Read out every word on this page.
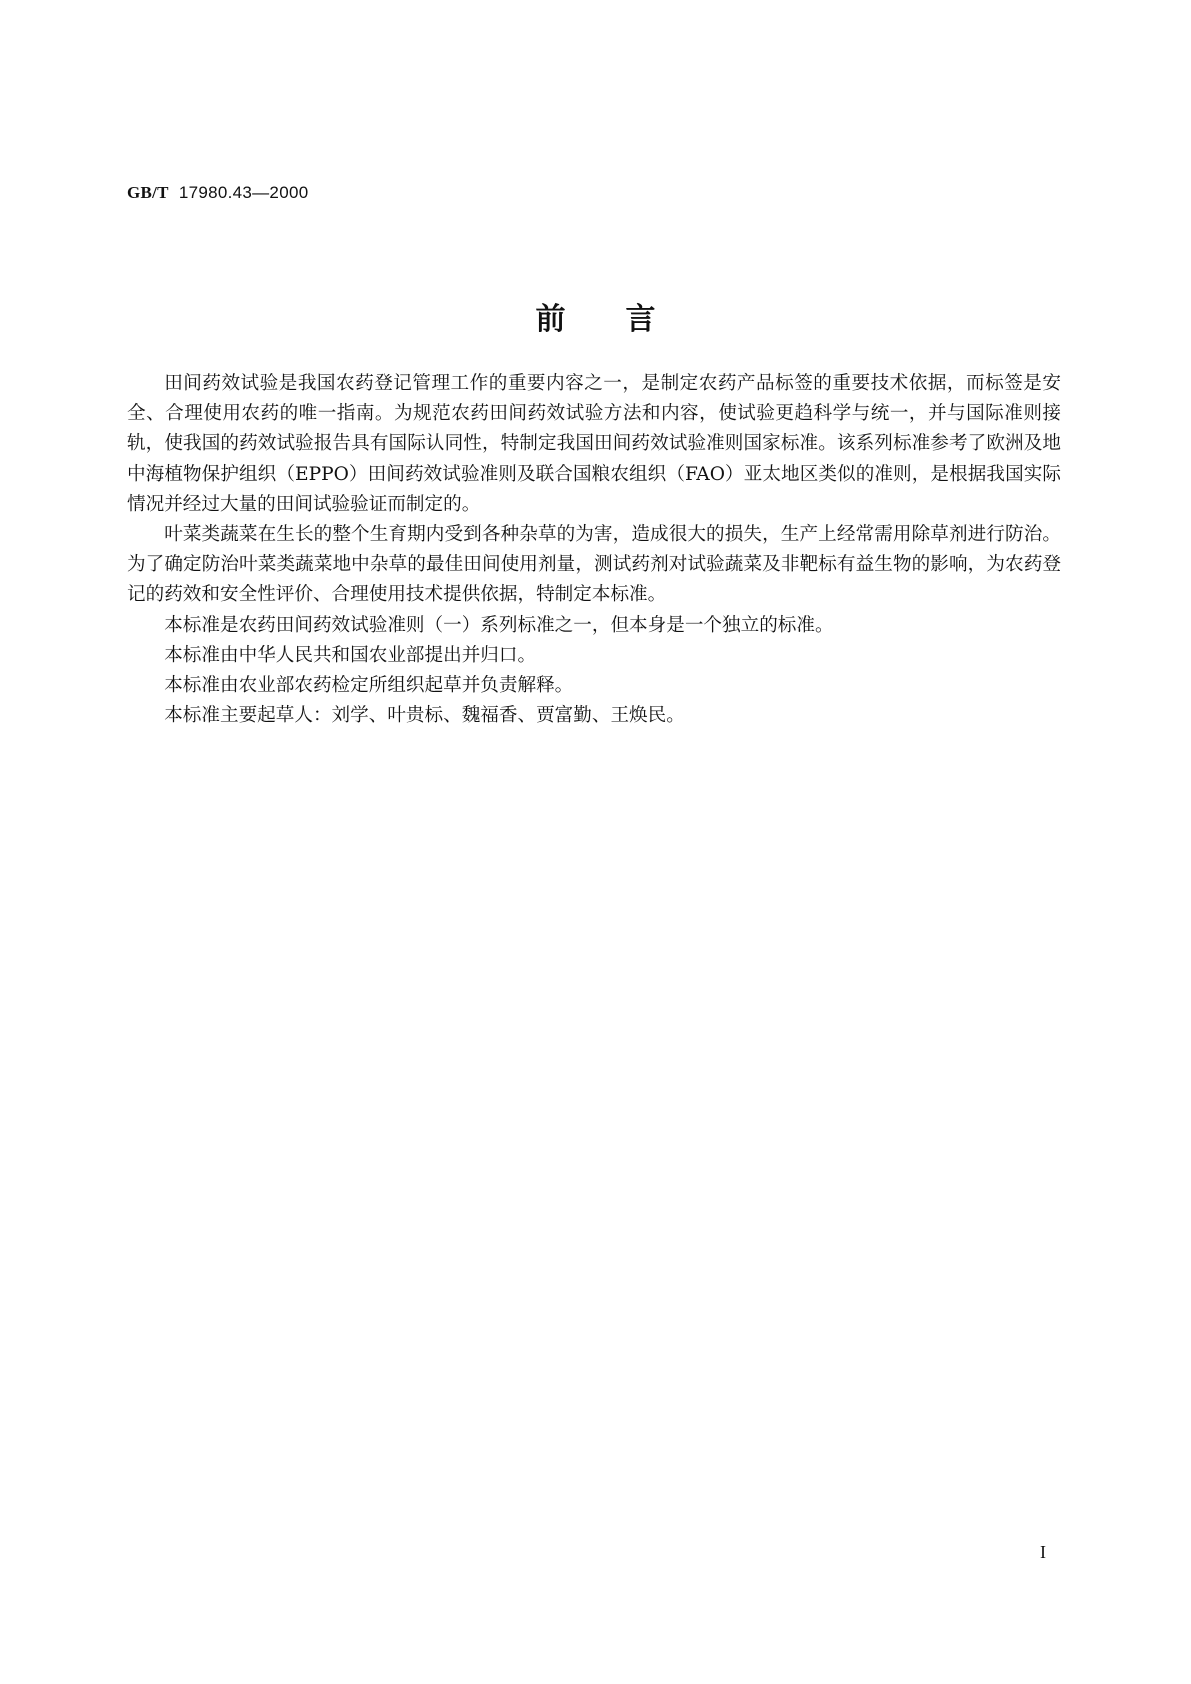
GB/T 17980.43—2000
前言

田间药效试验是我国农药登记管理工作的重要内容之一，是制定农药产品标签的重要技术依据，而标签是安全、合理使用农药的唯一指南。为规范农药田间药效试验方法和内容，使试验更趋科学与统一，并与国际准则接轨，使我国的药效试验报告具有国际认同性，特制定我国田间药效试验准则国家标准。该系列标准参考了欧洲及地中海植物保护组织（EPPO）田间药效试验准则及联合国粮农组织（FAO）亚太地区类似的准则，是根据我国实际情况并经过大量的田间试验验证而制定的。

叶菜类蔬菜在生长的整个生育期内受到各种杂草的为害，造成很大的损失，生产上经常需用除草剂进行防治。为了确定防治叶菜类蔬菜地中杂草的最佳田间使用剂量，测试药剂对试验蔬菜及非靶标有益生物的影响，为农药登记的药效和安全性评价、合理使用技术提供依据，特制定本标准。

本标准是农药田间药效试验准则（一）系列标准之一，但本身是一个独立的标准。

本标准由中华人民共和国农业部提出并归口。

本标准由农业部农药检定所组织起草并负责解释。

本标准主要起草人：刘学、叶贵标、魏福香、贾富勤、王焕民。

I
